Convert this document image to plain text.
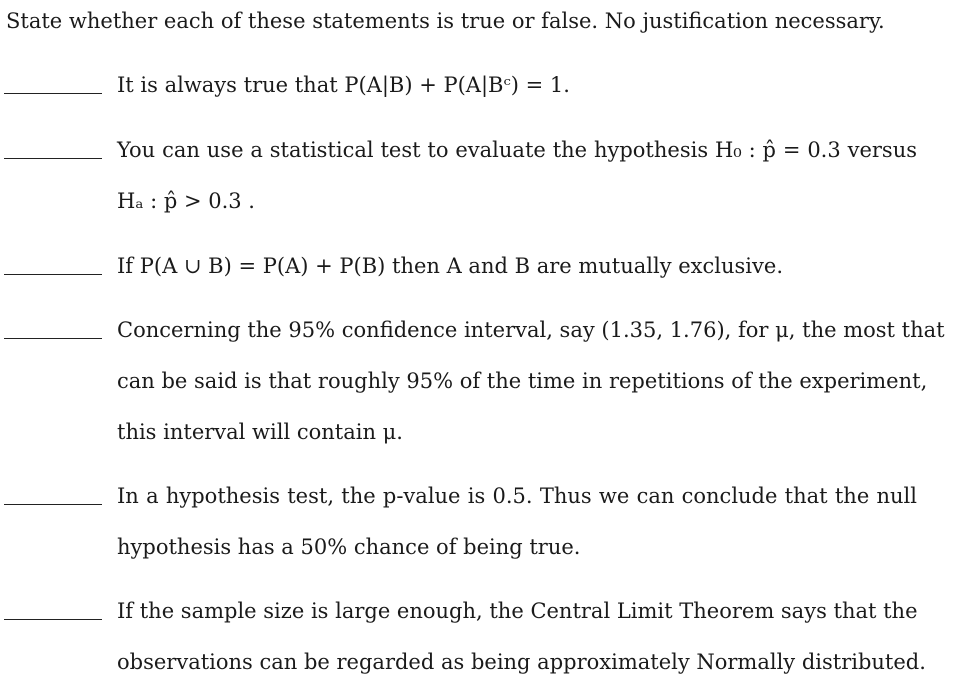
State whether each of these statements is true or false. No justification necessary.
It is always true that P(A|B) + P(A|Bᶜ) = 1.
You can use a statistical test to evaluate the hypothesis H₀ : p̂ = 0.3 versus
Hₐ : p̂ > 0.3 .
If P(A ∪ B) = P(A) + P(B) then A and B are mutually exclusive.
Concerning the 95% confidence interval, say (1.35, 1.76), for μ, the most that
can be said is that roughly 95% of the time in repetitions of the experiment,
this interval will contain μ.
In a hypothesis test, the p-value is 0.5. Thus we can conclude that the null
hypothesis has a 50% chance of being true.
If the sample size is large enough, the Central Limit Theorem says that the
observations can be regarded as being approximately Normally distributed.
